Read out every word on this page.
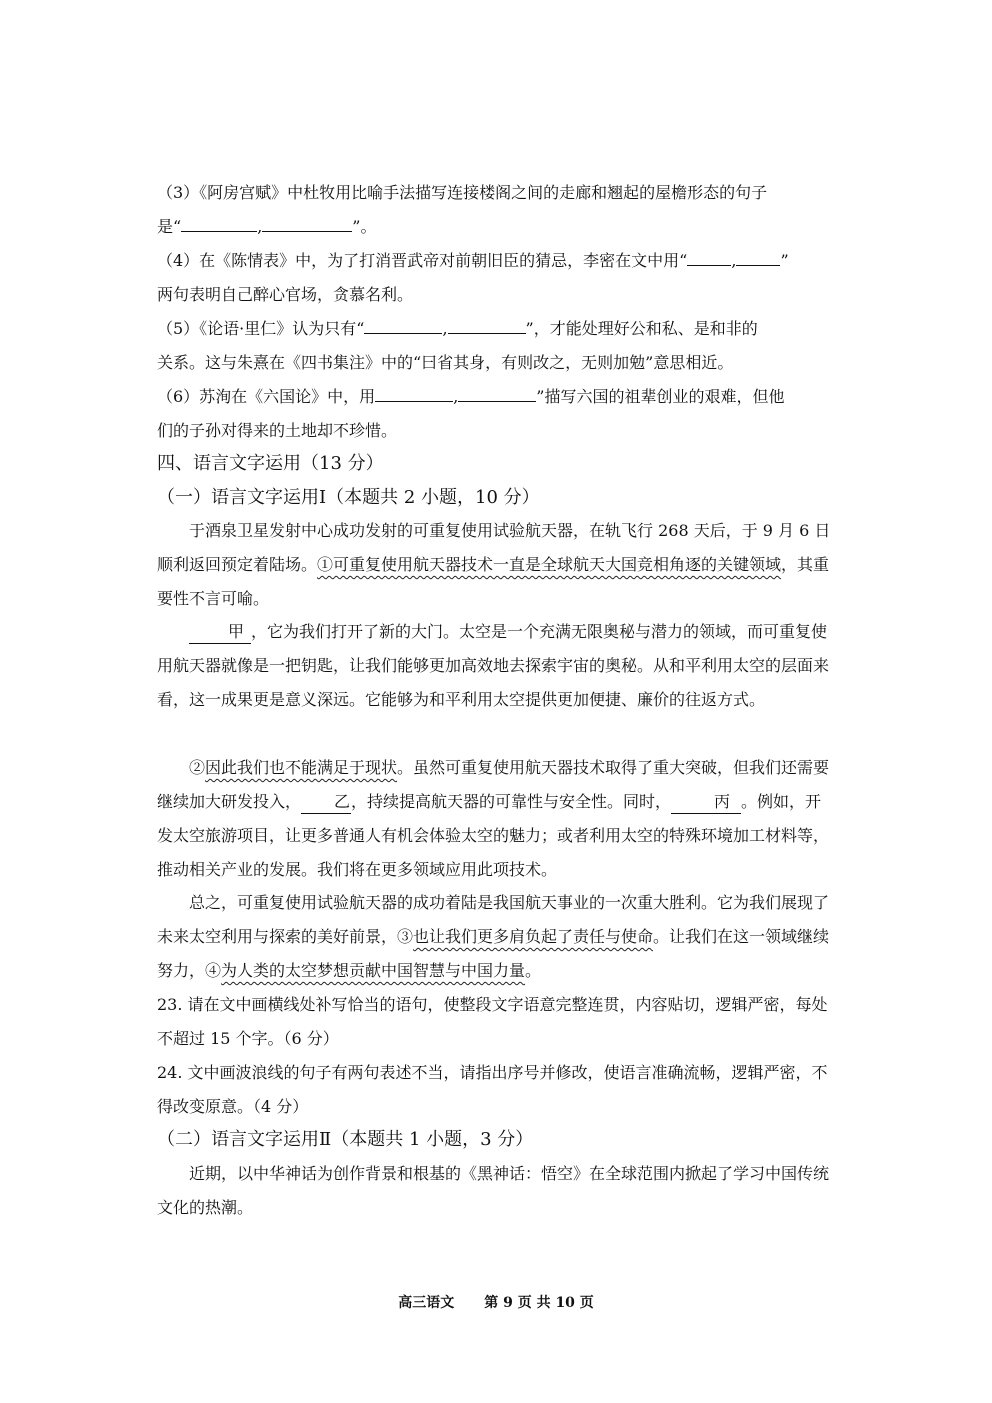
（3）《阿房宫赋》中杜牧用比喻手法描写连接楼阁之间的走廊和翘起的屋檐形态的句子
是“	,	”。

（4）在《陈情表》中，为了打消晋武帝对前朝旧臣的猜忌，李密在文中用“	,	”
两句表明自己醉心官场，贪慕名利。

（5）《论语·里仁》认为只有“	,	”，才能处理好公和私、是和非的
关系。这与朱熹在《四书集注》中的“曰省其身，有则改之，无则加勉”意思相近。

（6）苏洵在《六国论》中，用	,	”描写六国的祖辈创业的艰难，但他
们的子孙对得来的土地却不珍惜。

四、语言文字运用（13 分）

（一）语言文字运用Ⅰ（本题共 2 小题，10 分）

于酒泉卫星发射中心成功发射的可重复使用试验航天器，在轨飞行 268 天后，于 9 月 6 日顺利返回预定着陆场。①可重复使用航天器技术一直是全球航天大国竞相角逐的关键领域，其重要性不言可喻。

甲 ，它为我们打开了新的大门。太空是一个充满无限奥秘与潜力的领域，而可重复使用航天器就像是一把钥匙，让我们能够更加高效地去探索宇宙的奥秘。从和平利用太空的层面来看，这一成果更是意义深远。它能够为和平利用太空提供更加便捷、廉价的往返方式。

②因此我们也不能满足于现状。虽然可重复使用航天器技术取得了重大突破，但我们还需要继续加大研发投入， 乙，持续提高航天器的可靠性与安全性。同时，	丙 。例如，开发太空旅游项目，让更多普通人有机会体验太空的魅力；或者利用太空的特殊环境加工材料等，推动相关产业的发展。我们将在更多领域应用此项技术。

总之，可重复使用试验航天器的成功着陆是我国航天事业的一次重大胜利。它为我们展现了未来太空利用与探索的美好前景，③也让我们更多肩负起了责任与使命。让我们在这一领域继续努力，④为人类的太空梦想贡献中国智慧与中国力量。

23. 请在文中画横线处补写恰当的语句，使整段文字语意完整连贯，内容贴切，逻辑严密，每处不超过 15 个字。（6 分）

24. 文中画波浪线的句子有两句表述不当，请指出序号并修改，使语言准确流畅，逻辑严密，不得改变原意。（4 分）

（二）语言文字运用Ⅱ（本题共 1 小题，3 分）

近期，以中华神话为创作背景和根基的《黑神话：悟空》在全球范围内掀起了学习中国传统文化的热潮。

高三语文 第 9 页 共 10 页
